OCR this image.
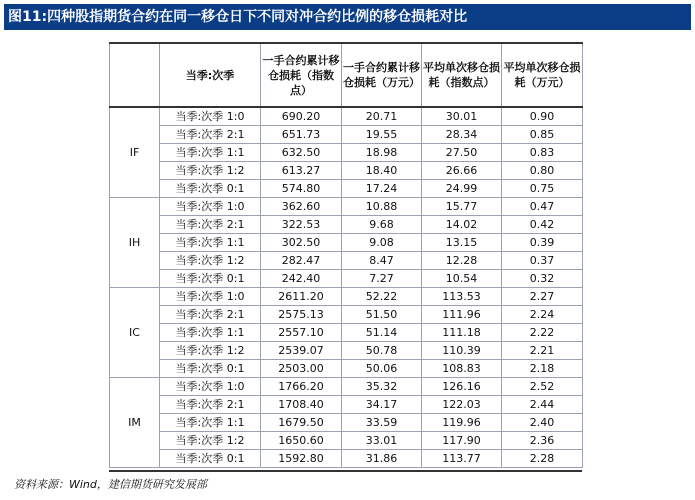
图11:四种股指期货合约在同一移仓日下不同对冲合约比例的移仓损耗对比
	当季:次季	一手合约累计移仓损耗（指数点）	一手合约累计移仓损耗（万元）	平均单次移仓损耗（指数点）	平均单次移仓损耗（万元）
IF	当季:次季 1:0	690.20	20.71	30.01	0.90
	当季:次季 2:1	651.73	19.55	28.34	0.85
	当季:次季 1:1	632.50	18.98	27.50	0.83
	当季:次季 1:2	613.27	18.40	26.66	0.80
	当季:次季 0:1	574.80	17.24	24.99	0.75
IH	当季:次季 1:0	362.60	10.88	15.77	0.47
	当季:次季 2:1	322.53	9.68	14.02	0.42
	当季:次季 1:1	302.50	9.08	13.15	0.39
	当季:次季 1:2	282.47	8.47	12.28	0.37
	当季:次季 0:1	242.40	7.27	10.54	0.32
IC	当季:次季 1:0	2611.20	52.22	113.53	2.27
	当季:次季 2:1	2575.13	51.50	111.96	2.24
	当季:次季 1:1	2557.10	51.14	111.18	2.22
	当季:次季 1:2	2539.07	50.78	110.39	2.21
	当季:次季 0:1	2503.00	50.06	108.83	2.18
IM	当季:次季 1:0	1766.20	35.32	126.16	2.52
	当季:次季 2:1	1708.40	34.17	122.03	2.44
	当季:次季 1:1	1679.50	33.59	119.96	2.40
	当季:次季 1:2	1650.60	33.01	117.90	2.36
	当季:次季 0:1	1592.80	31.86	113.77	2.28
资料来源：Wind，建信期货研究发展部
